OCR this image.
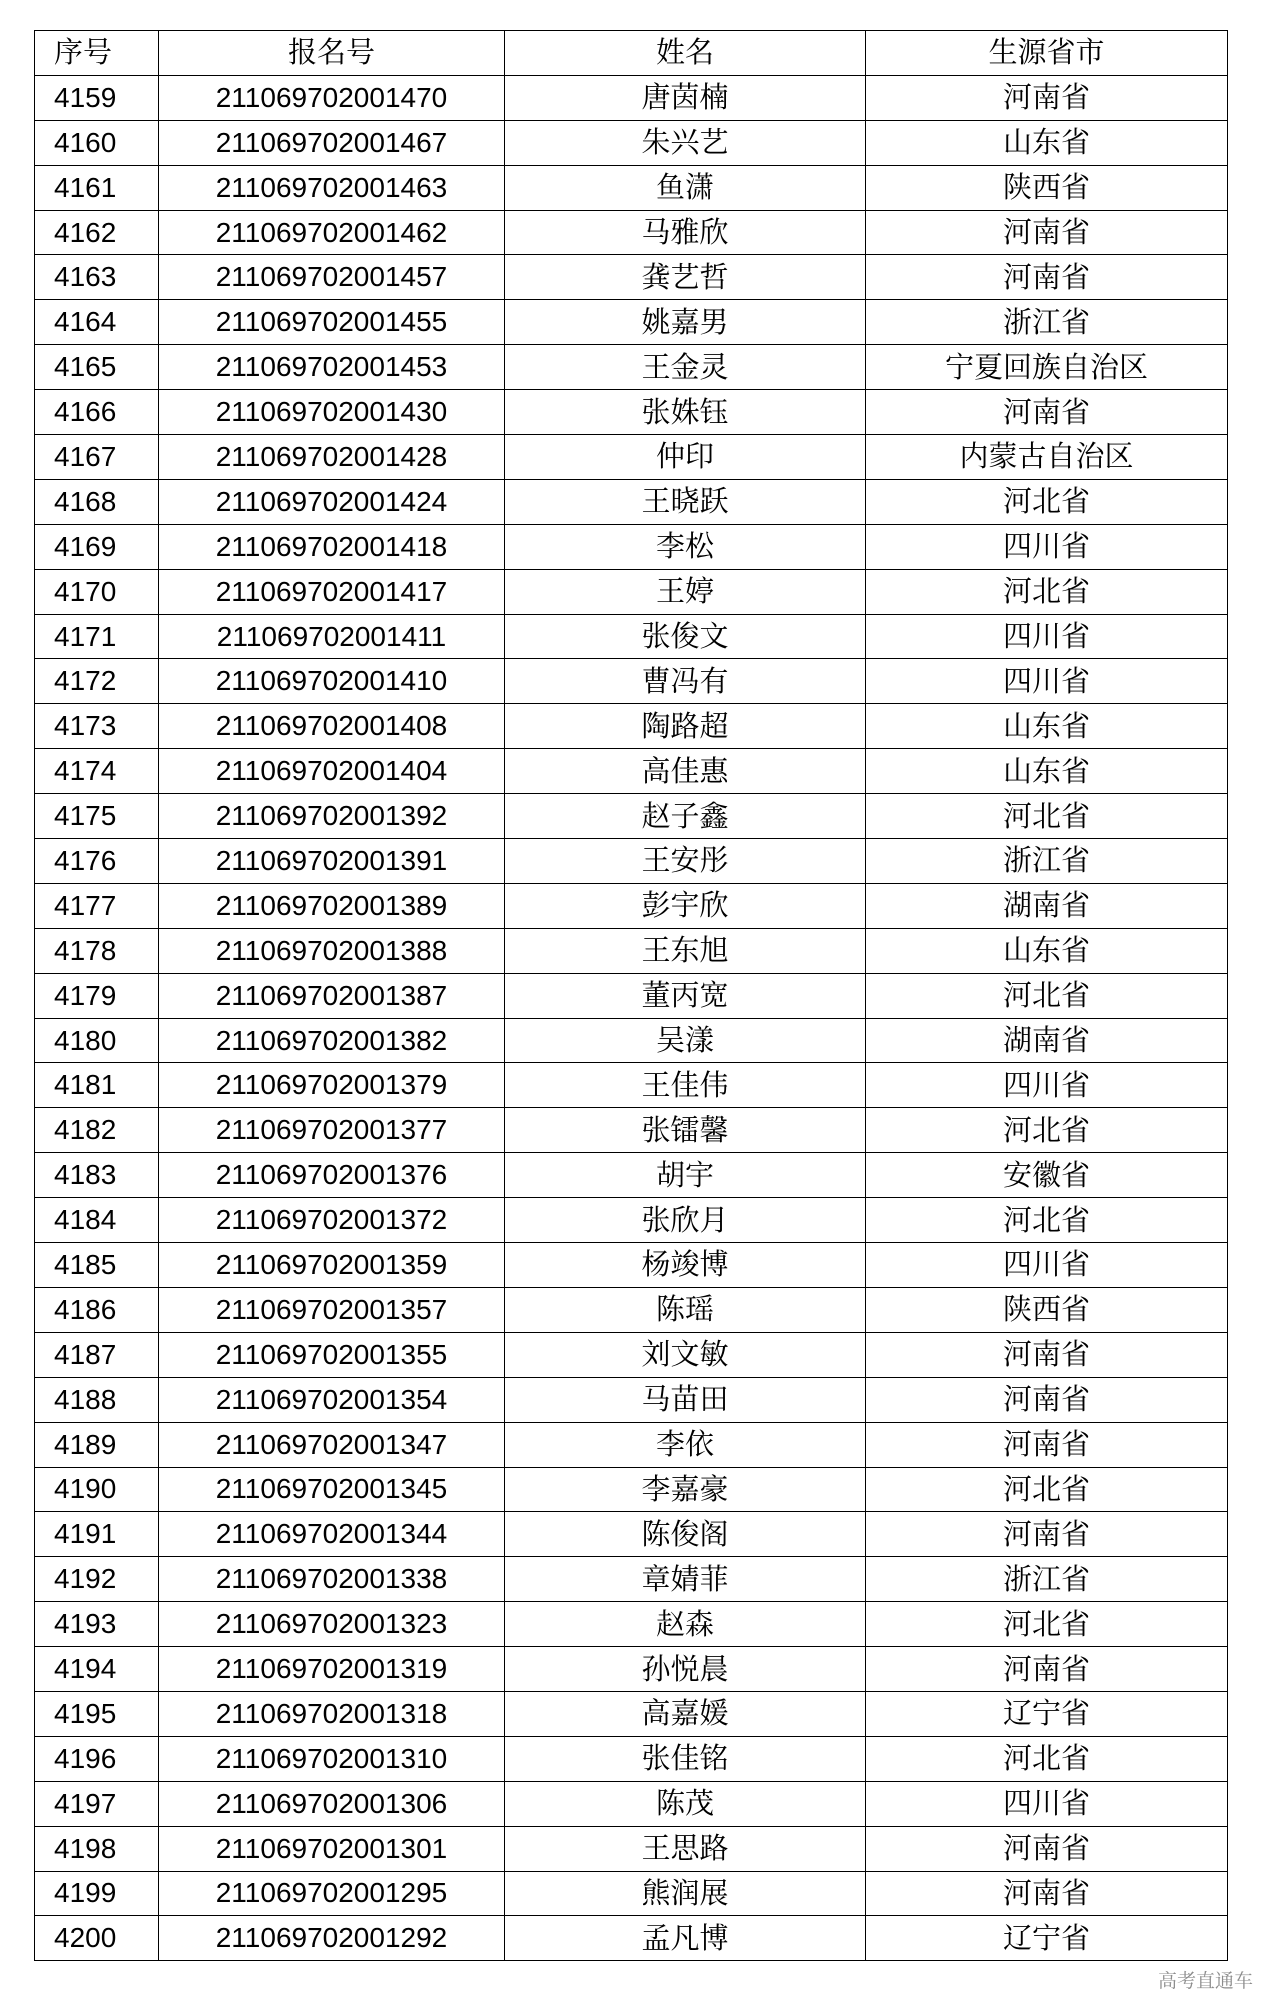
序号	报名号	姓名	生源省市
4159	211069702001470	唐茵楠	河南省
4160	211069702001467	朱兴艺	山东省
4161	211069702001463	鱼潇	陕西省
4162	211069702001462	马雅欣	河南省
4163	211069702001457	龚艺哲	河南省
4164	211069702001455	姚嘉男	浙江省
4165	211069702001453	王金灵	宁夏回族自治区
4166	211069702001430	张姝钰	河南省
4167	211069702001428	仲印	内蒙古自治区
4168	211069702001424	王晓跃	河北省
4169	211069702001418	李松	四川省
4170	211069702001417	王婷	河北省
4171	211069702001411	张俊文	四川省
4172	211069702001410	曹冯有	四川省
4173	211069702001408	陶路超	山东省
4174	211069702001404	高佳惠	山东省
4175	211069702001392	赵子鑫	河北省
4176	211069702001391	王安彤	浙江省
4177	211069702001389	彭宇欣	湖南省
4178	211069702001388	王东旭	山东省
4179	211069702001387	董丙宽	河北省
4180	211069702001382	吴漾	湖南省
4181	211069702001379	王佳伟	四川省
4182	211069702001377	张镭馨	河北省
4183	211069702001376	胡宇	安徽省
4184	211069702001372	张欣月	河北省
4185	211069702001359	杨竣博	四川省
4186	211069702001357	陈瑶	陕西省
4187	211069702001355	刘文敏	河南省
4188	211069702001354	马苗田	河南省
4189	211069702001347	李依	河南省
4190	211069702001345	李嘉豪	河北省
4191	211069702001344	陈俊阁	河南省
4192	211069702001338	章婧菲	浙江省
4193	211069702001323	赵森	河北省
4194	211069702001319	孙悦晨	河南省
4195	211069702001318	高嘉媛	辽宁省
4196	211069702001310	张佳铭	河北省
4197	211069702001306	陈茂	四川省
4198	211069702001301	王思路	河南省
4199	211069702001295	熊润展	河南省
4200	211069702001292	孟凡博	辽宁省
高考直通车
